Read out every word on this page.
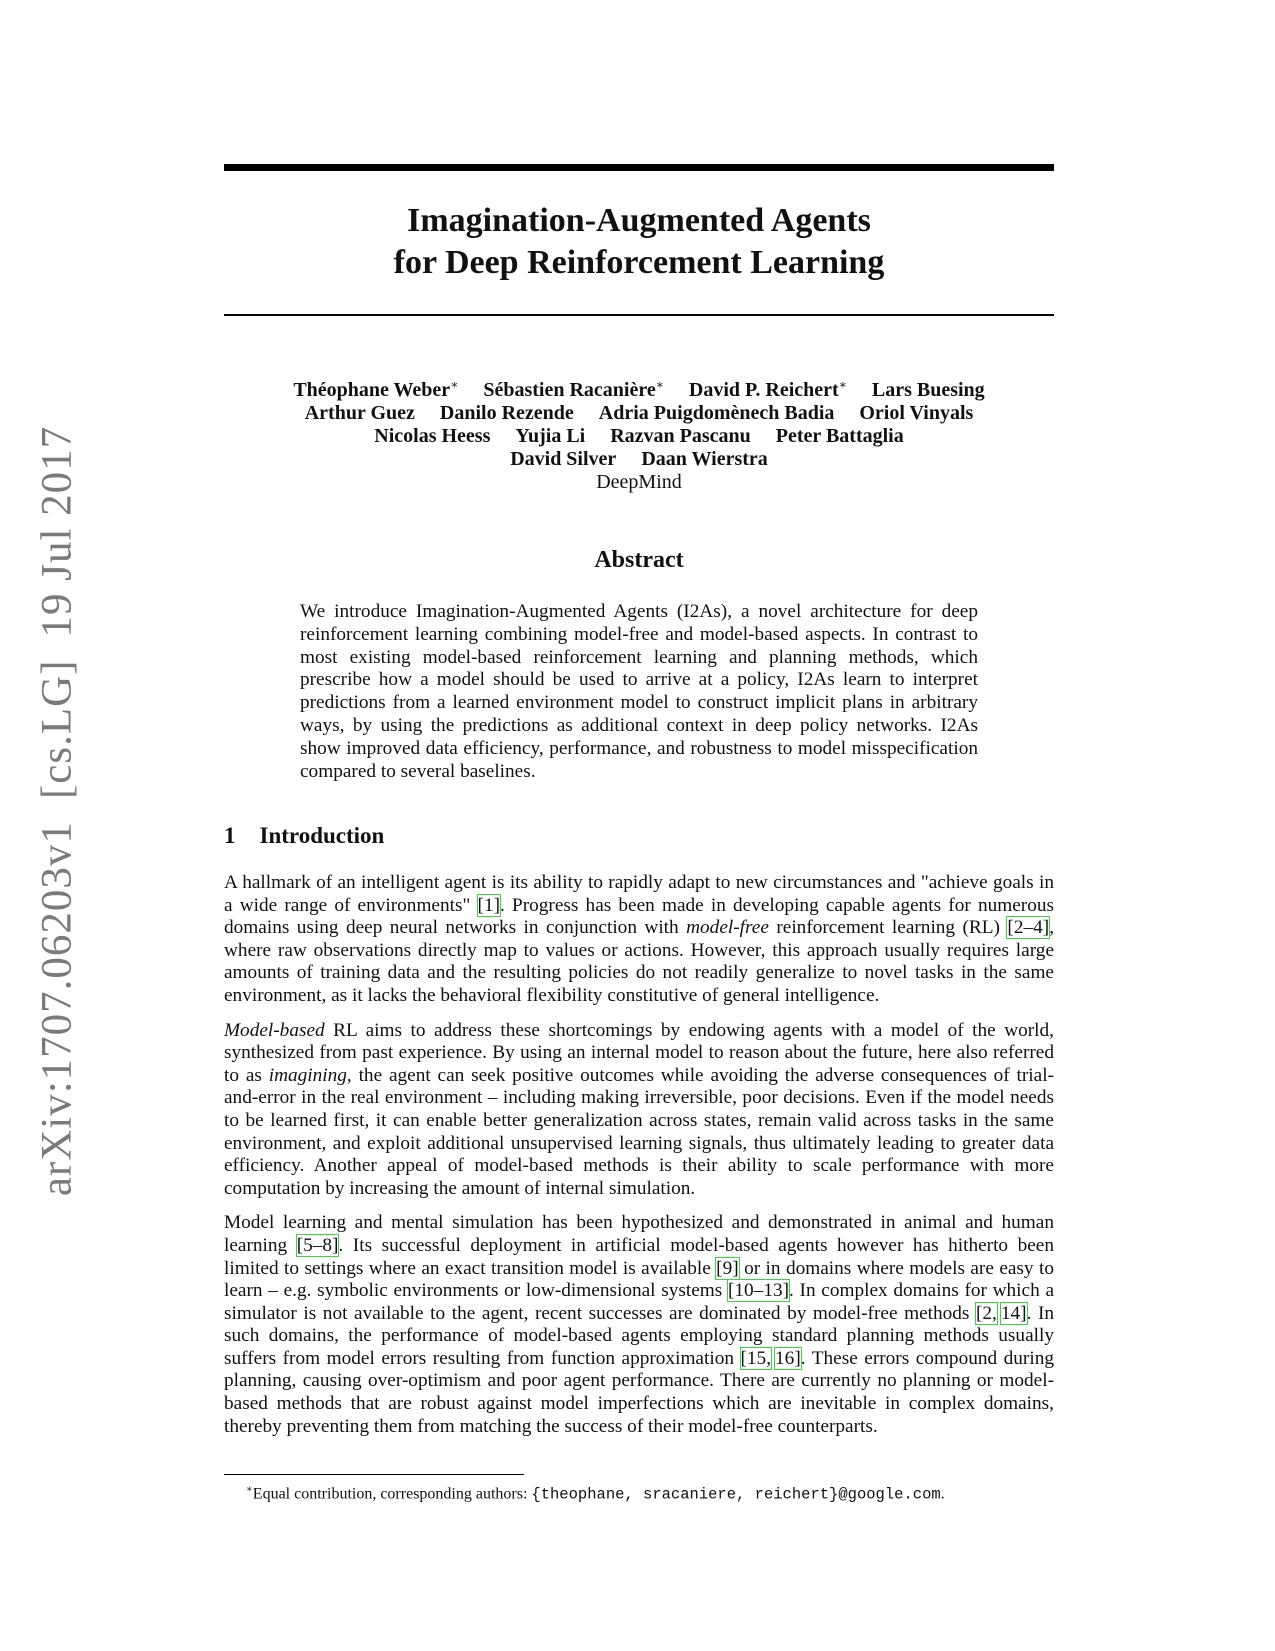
arXiv:1707.06203v1[cs.LG]19 Jul 2017
Imagination-Augmented Agents
for Deep Reinforcement Learning
Théophane Weber∗ Sébastien Racanière∗ David P. Reichert∗ Lars Buesing
Arthur Guez Danilo Rezende Adria Puigdomènech Badia Oriol Vinyals
Nicolas Heess Yujia Li Razvan Pascanu Peter Battaglia
David Silver Daan Wierstra
DeepMind
Abstract
We introduce Imagination-Augmented Agents (I2As), a novel architecture for deep reinforcement learning combining model-free and model-based aspects. In contrast to most existing model-based reinforcement learning and planning methods, which prescribe how a model should be used to arrive at a policy, I2As learn to interpret predictions from a learned environment model to construct implicit plans in arbitrary ways, by using the predictions as additional context in deep policy networks. I2As show improved data efficiency, performance, and robustness to model misspecification compared to several baselines.
1 Introduction

A hallmark of an intelligent agent is its ability to rapidly adapt to new circumstances and "achieve goals in a wide range of environments" [1]. Progress has been made in developing capable agents for numerous domains using deep neural networks in conjunction with model-free reinforcement learning (RL) [2–4], where raw observations directly map to values or actions. However, this approach usually requires large amounts of training data and the resulting policies do not readily generalize to novel tasks in the same environment, as it lacks the behavioral flexibility constitutive of general intelligence.

Model-based RL aims to address these shortcomings by endowing agents with a model of the world, synthesized from past experience. By using an internal model to reason about the future, here also referred to as imagining, the agent can seek positive outcomes while avoiding the adverse consequences of trial-and-error in the real environment – including making irreversible, poor decisions. Even if the model needs to be learned first, it can enable better generalization across states, remain valid across tasks in the same environment, and exploit additional unsupervised learning signals, thus ultimately leading to greater data efficiency. Another appeal of model-based methods is their ability to scale performance with more computation by increasing the amount of internal simulation.

Model learning and mental simulation has been hypothesized and demonstrated in animal and human learning [5–8]. Its successful deployment in artificial model-based agents however has hitherto been limited to settings where an exact transition model is available [9] or in domains where models are easy to learn – e.g. symbolic environments or low-dimensional systems [10–13]. In complex domains for which a simulator is not available to the agent, recent successes are dominated by model-free methods [2, 14]. In such domains, the performance of model-based agents employing standard planning methods usually suffers from model errors resulting from function approximation [15, 16]. These errors compound during planning, causing over-optimism and poor agent performance. There are currently no planning or model-based methods that are robust against model imperfections which are inevitable in complex domains, thereby preventing them from matching the success of their model-free counterparts.

∗Equal contribution, corresponding authors: {theophane, sracaniere, reichert}@google.com.
